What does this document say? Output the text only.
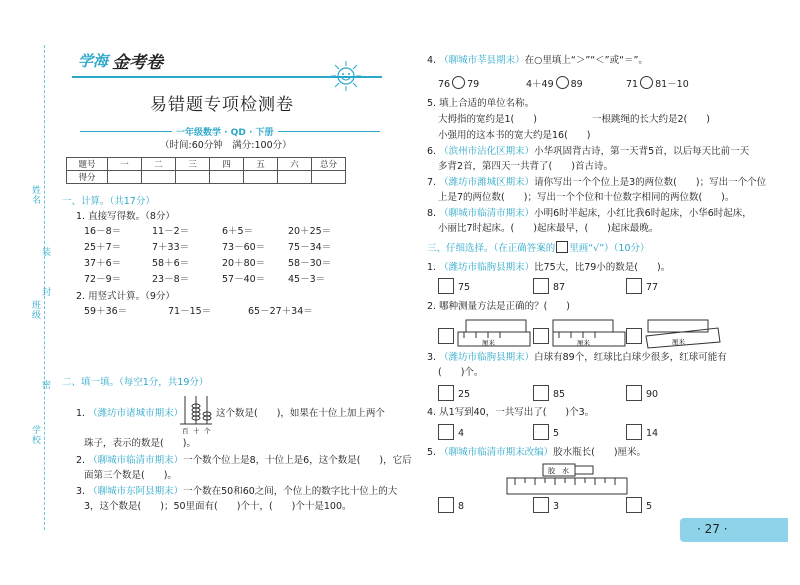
姓名
班级
学校
装
封
密
学海 金考卷
易错题专项检测卷
一年级数学 · QD · 下册
（时间:60分钟　满分:100分）
题号	一	二	三	四	五	六	总分
得分							
一、计算。（共17分）
1. 直接写得数。（8分）
16－8＝	11－2＝	6＋5＝	20＋25＝
25＋7＝	7＋33＝	73－60＝ 75－34＝
37＋6＝	58＋6＝	20＋80＝ 58－30＝
72－9＝	23－8＝	57－40＝ 45－3＝
2. 用竖式计算。（9分）
59＋36＝	71－15＝	65－27＋34＝
二、填一填。（每空1分，共19分）
1. （潍坊市诸城市期末）
百 十 个
这个数是(　　)，如果在十位上加上两个
珠子，表示的数是(　　)。
2. （聊城市临清市期末）一个数个位上是8，十位上是6，这个数是(　　)，它后
面第三个数是(　　)。
3. （聊城市东阿县期末）一个数在50和60之间，个位上的数字比十位上的大
3，这个数是(　　)；50里面有(　　)个十，(　　)个十是100。
4. （聊城市莘县期末）在○里填上“＞”“＜”或“＝”。
76 79	4＋49 89	71 81－10
5. 填上合适的单位名称。
大拇指的宽约是1(　　)	一根跳绳的长大约是2(　　)
小强用的这本书的宽大约是16(　　)
6. （滨州市沾化区期末）小华巩固背古诗，第一天背5首，以后每天比前一天
多背2首，第四天一共背了(　　)首古诗。
7. （潍坊市潍城区期末）请你写出一个个位上是3的两位数(　　)；写出一个个位
上是7的两位数(　　)；写出一个个位和十位数字相同的两位数(　　)。
8. （聊城市临清市期末）小明6时半起床，小红比我6时起床，小华6时起床，
小丽比7时起床。(　　)起床最早，(　　)起床最晚。
三、仔细选择。（在正确答案的 里画“√”）（10分）
1. （潍坊市临朐县期末）比75大，比79小的数是(　　)。
75	87	77
2. 哪种测量方法是正确的？(　　)
厘米	厘米	厘米
3. （潍坊市临朐县期末）白球有89个，红球比白球少很多，红球可能有
(　　)个。
25	85	90
4. 从1写到40，一共写出了(　　)个3。
4	5	14
5. （聊城市临清市期末改编）胶水瓶长(　　)厘米。
胶　水
8	3	5
· 27 ·
